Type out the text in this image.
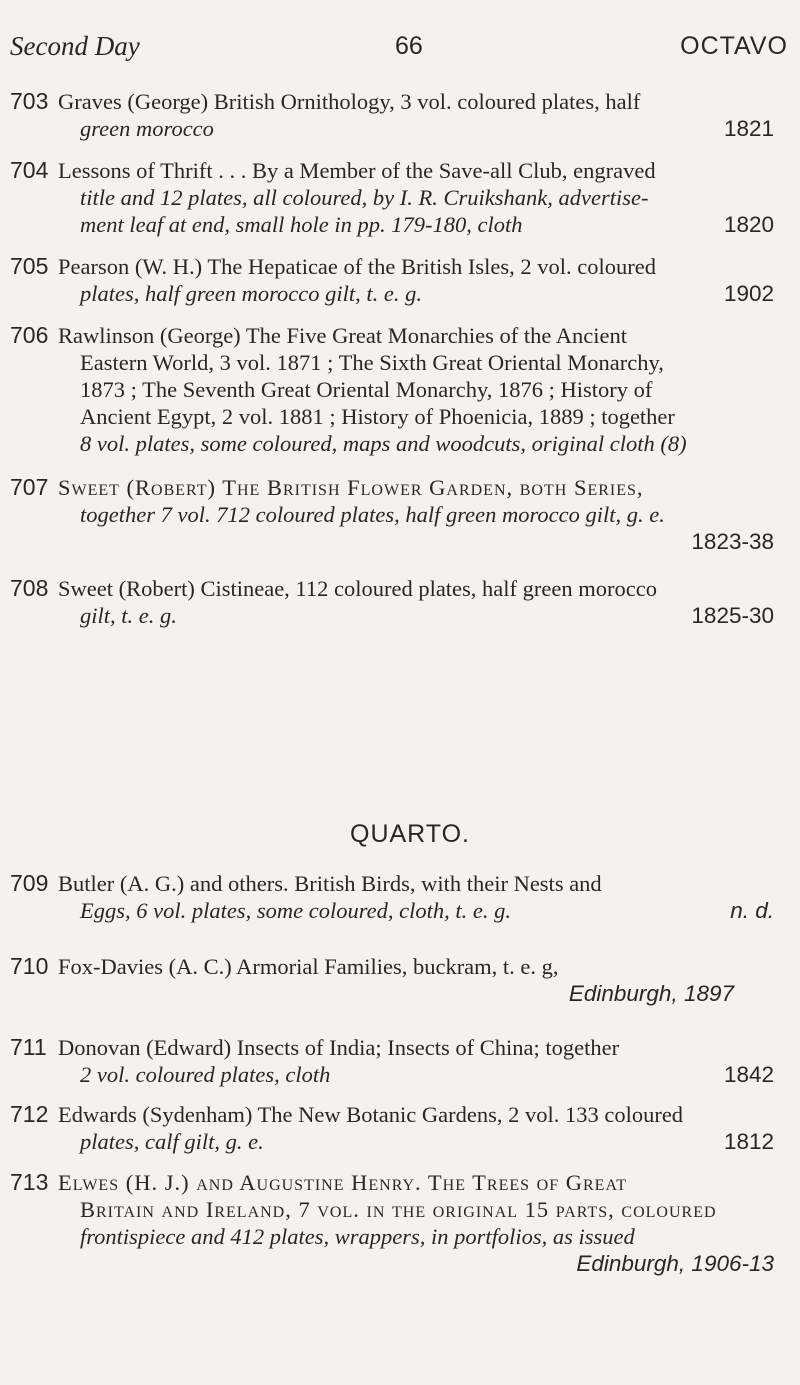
Second Day	66	OCTAVO
703 Graves (George) British Ornithology, 3 vol. coloured plates, half
green morocco	1821
704 Lessons of Thrift . . . By a Member of the Save-all Club, engraved
title and 12 plates, all coloured, by I. R. Cruikshank, advertise-
ment leaf at end, small hole in pp. 179-180, cloth	1820
705 Pearson (W. H.) The Hepaticae of the British Isles, 2 vol. coloured
plates, half green morocco gilt, t. e. g.	1902
706 Rawlinson (George) The Five Great Monarchies of the Ancient
Eastern World, 3 vol. 1871 ; The Sixth Great Oriental Monarchy,
1873 ; The Seventh Great Oriental Monarchy, 1876 ; History of
Ancient Egypt, 2 vol. 1881 ; History of Phoenicia, 1889 ; together
8 vol. plates, some coloured, maps and woodcuts, original cloth (8)
707 Sweet (Robert) The British Flower Garden, both Series,
together 7 vol. 712 coloured plates, half green morocco gilt, g. e.
1823-38
708 Sweet (Robert) Cistineae, 112 coloured plates, half green morocco
gilt, t. e. g.	1825-30
QUARTO.
709 Butler (A. G.) and others. British Birds, with their Nests and
Eggs, 6 vol. plates, some coloured, cloth, t. e. g.	n. d.
710 Fox-Davies (A. C.) Armorial Families, buckram, t. e. g,
Edinburgh, 1897
711 Donovan (Edward) Insects of India; Insects of China; together
2 vol. coloured plates, cloth	1842
712 Edwards (Sydenham) The New Botanic Gardens, 2 vol. 133 coloured
plates, calf gilt, g. e.	1812
713 Elwes (H. J.) and Augustine Henry. The Trees of Great
Britain and Ireland, 7 vol. in the original 15 parts, coloured
frontispiece and 412 plates, wrappers, in portfolios, as issued
Edinburgh, 1906-13
